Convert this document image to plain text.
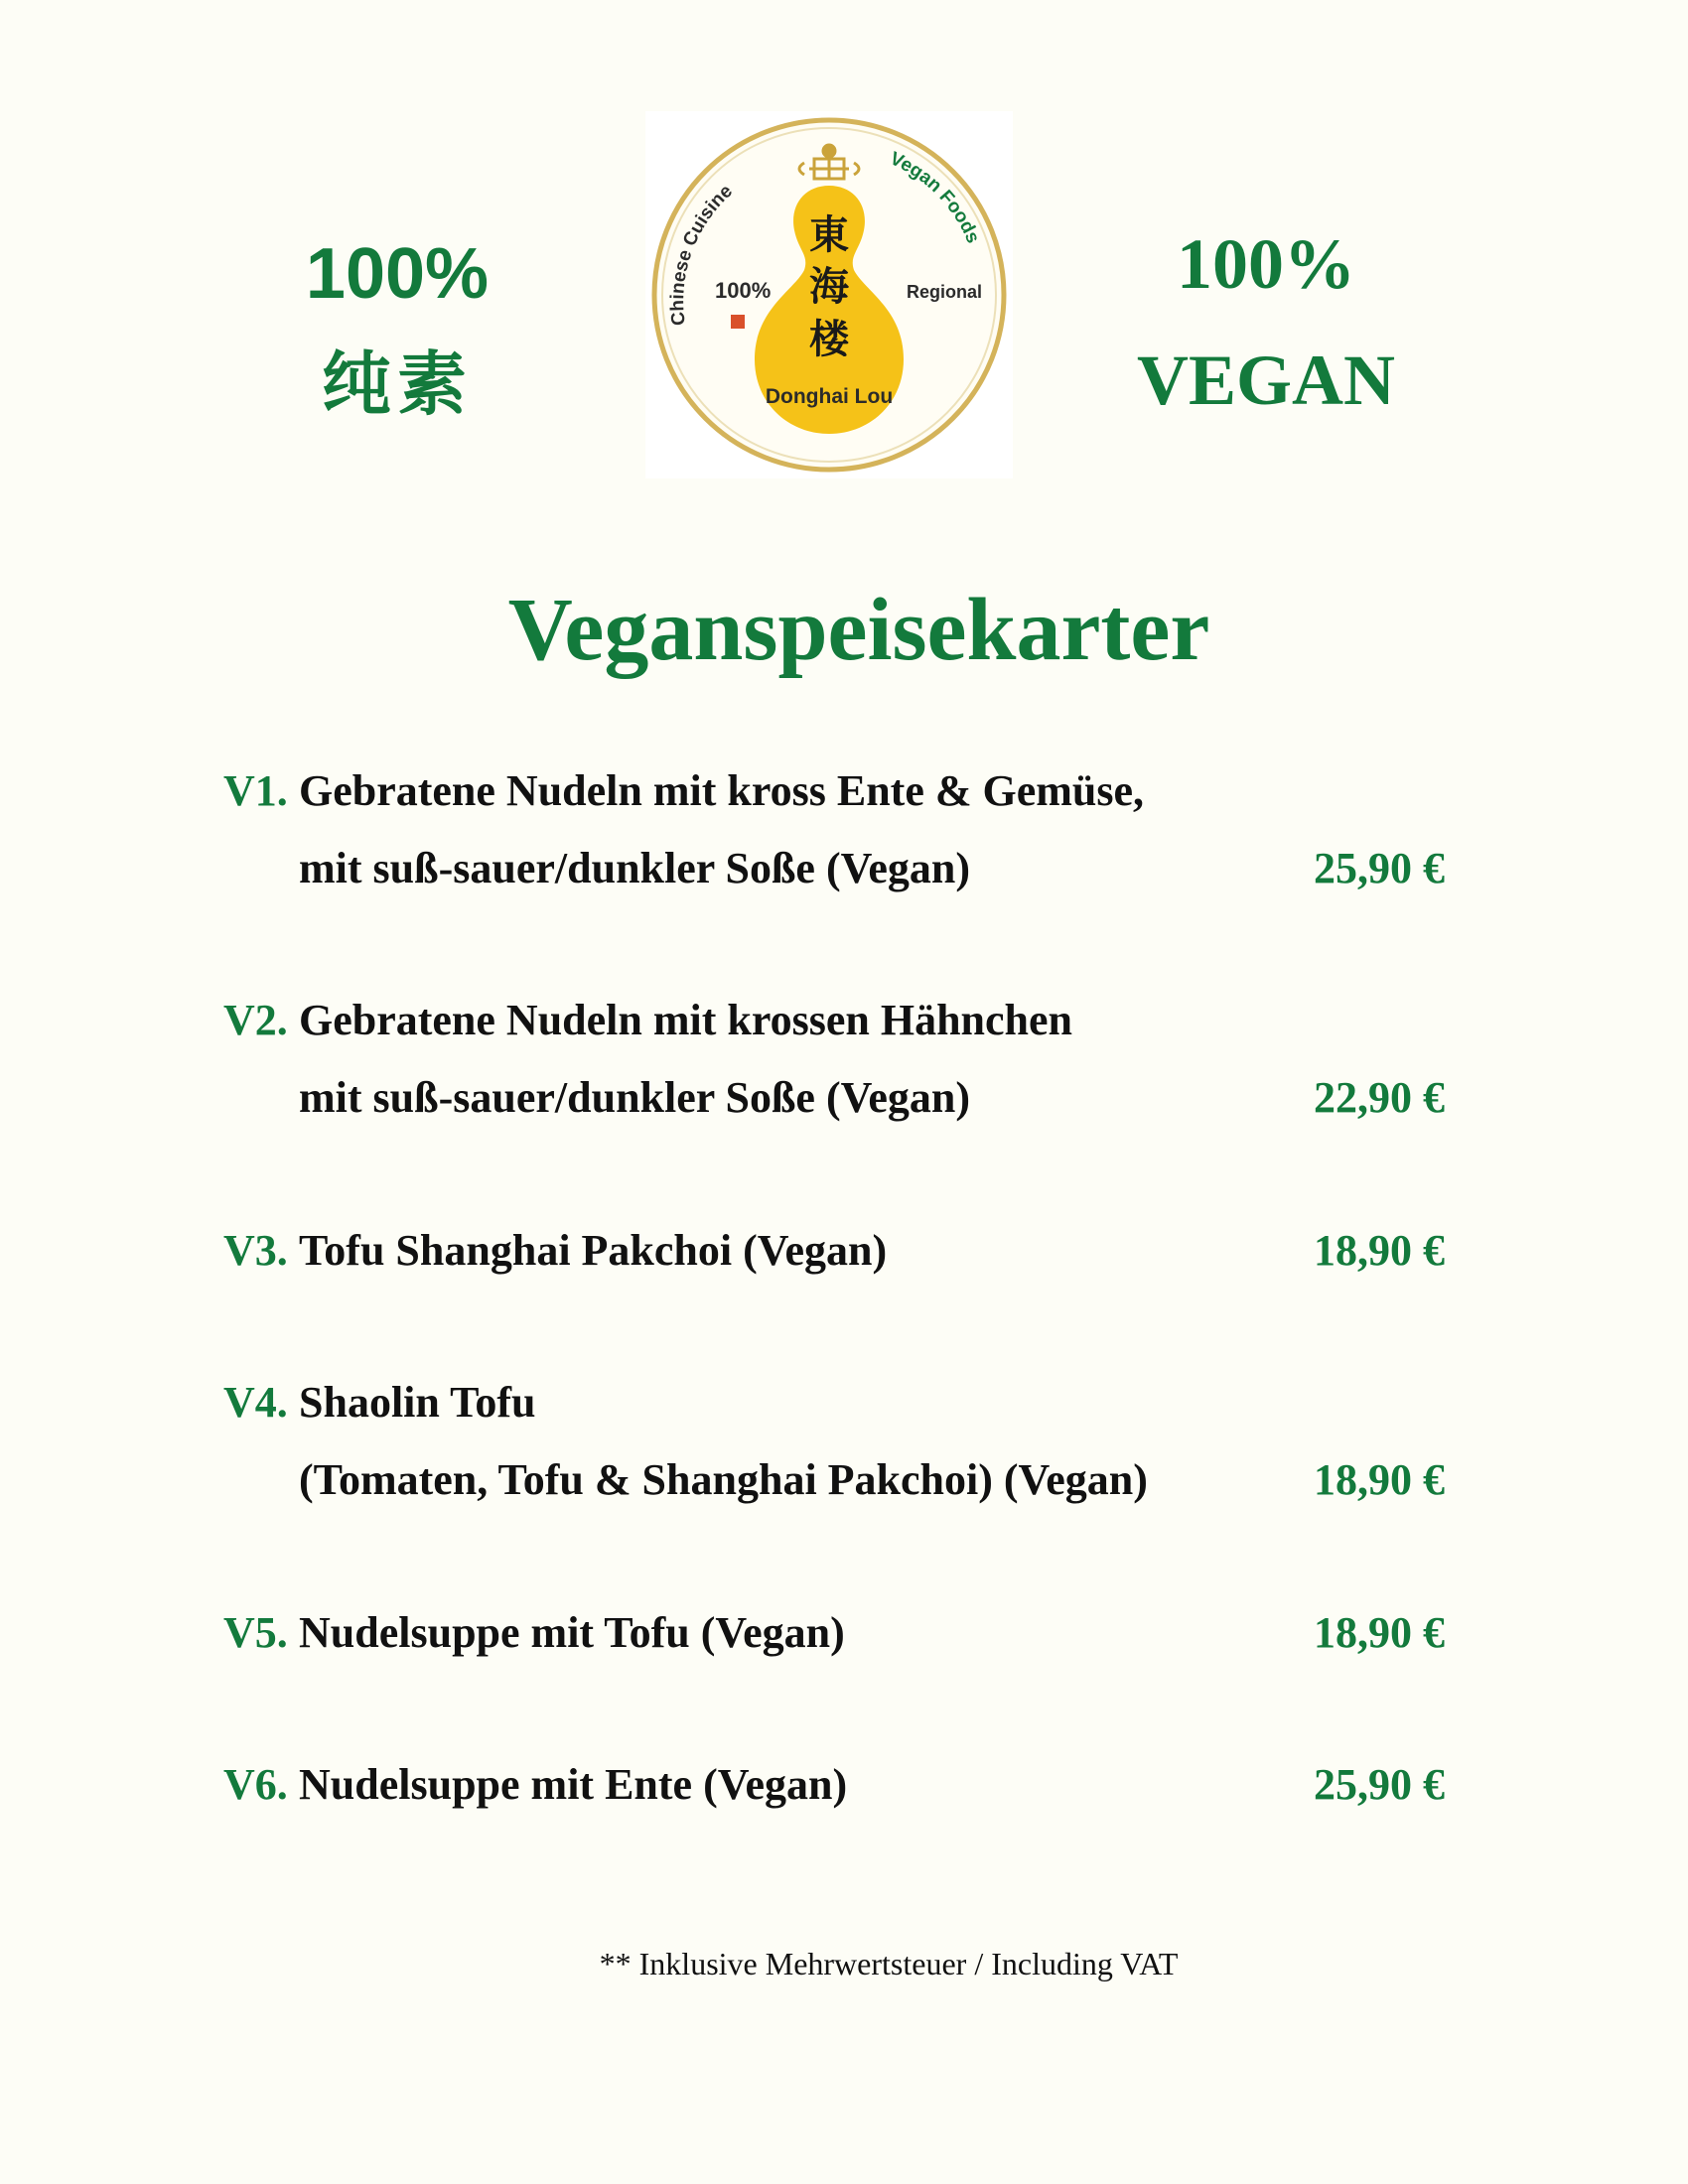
100%
纯素
Chinese Cuisine
Vegan Foods
100%	Regional
東
海
楼
Donghai Lou
100%
VEGAN
Veganspeisekarter
V1. Gebratene Nudeln mit kross Ente & Gemüse,
mit suß-sauer/dunkler Soße (Vegan)	25,90 €
V2. Gebratene Nudeln mit krossen Hähnchen
mit suß-sauer/dunkler Soße (Vegan)	22,90 €
V3. Tofu Shanghai Pakchoi (Vegan)	18,90 €
V4. Shaolin Tofu
(Tomaten, Tofu & Shanghai Pakchoi) (Vegan)	18,90 €
V5. Nudelsuppe mit Tofu (Vegan)	18,90 €
V6. Nudelsuppe mit Ente (Vegan)	25,90 €
** Inklusive Mehrwertsteuer / Including VAT
